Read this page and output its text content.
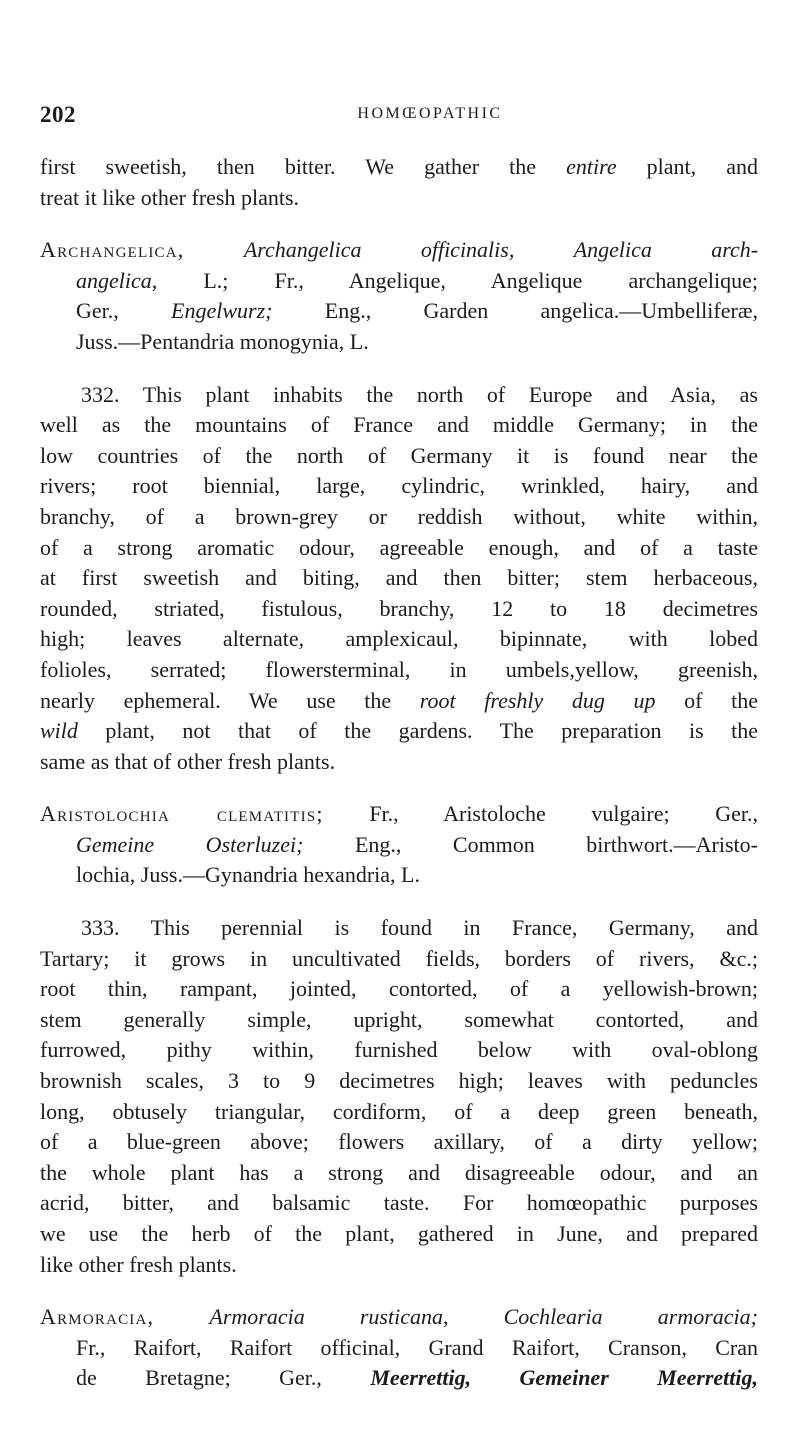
202	HOMŒOPATHIC
first sweetish, then bitter. We gather the entire plant, and
treat it like other fresh plants.
Archangelica,	Archangelica officinalis,	Angelica arch-
angelica, L.; Fr., Angelique, Angelique archangelique;
Ger., Engelwurz; Eng., Garden angelica.—Umbelliferæ,
Juss.—Pentandria monogynia, L.
332. This plant inhabits the north of Europe and Asia, as
well as the mountains of France and middle Germany; in the
low countries of the north of Germany it is found near the
rivers; root biennial, large, cylindric, wrinkled, hairy, and
branchy, of a brown-grey or reddish without, white within,
of a strong aromatic odour, agreeable enough, and of a taste
at first sweetish and biting, and then bitter; stem herbaceous,
rounded, striated, fistulous, branchy, 12 to 18 decimetres
high; leaves alternate, amplexicaul, bipinnate, with lobed
folioles, serrated; flowersterminal, in umbels,yellow, greenish,
nearly ephemeral. We use the root freshly dug up of the
wild plant, not that of the gardens. The preparation is the
same as that of other fresh plants.
Aristolochia clematitis; Fr., Aristoloche vulgaire; Ger.,
Gemeine Osterluzei; Eng., Common birthwort.—Aristo-
lochia, Juss.—Gynandria hexandria, L.
333. This perennial is found in France, Germany, and
Tartary; it grows in uncultivated fields, borders of rivers, &c.;
root thin, rampant, jointed, contorted, of a yellowish-brown;
stem generally simple, upright, somewhat contorted, and
furrowed, pithy within, furnished below with oval-oblong
brownish scales, 3 to 9 decimetres high; leaves with peduncles
long, obtusely triangular, cordiform, of a deep green beneath,
of a blue-green above; flowers axillary, of a dirty yellow;
the whole plant has a strong and disagreeable odour, and an
acrid, bitter, and balsamic taste. For homœopathic purposes
we use the herb of the plant, gathered in June, and prepared
like other fresh plants.
Armoracia,	Armoracia rusticana, Cochlearia armoracia;
Fr., Raifort, Raifort officinal, Grand Raifort, Cranson, Cran
de Bretagne; Ger., Meerrettig, Gemeiner Meerrettig,
